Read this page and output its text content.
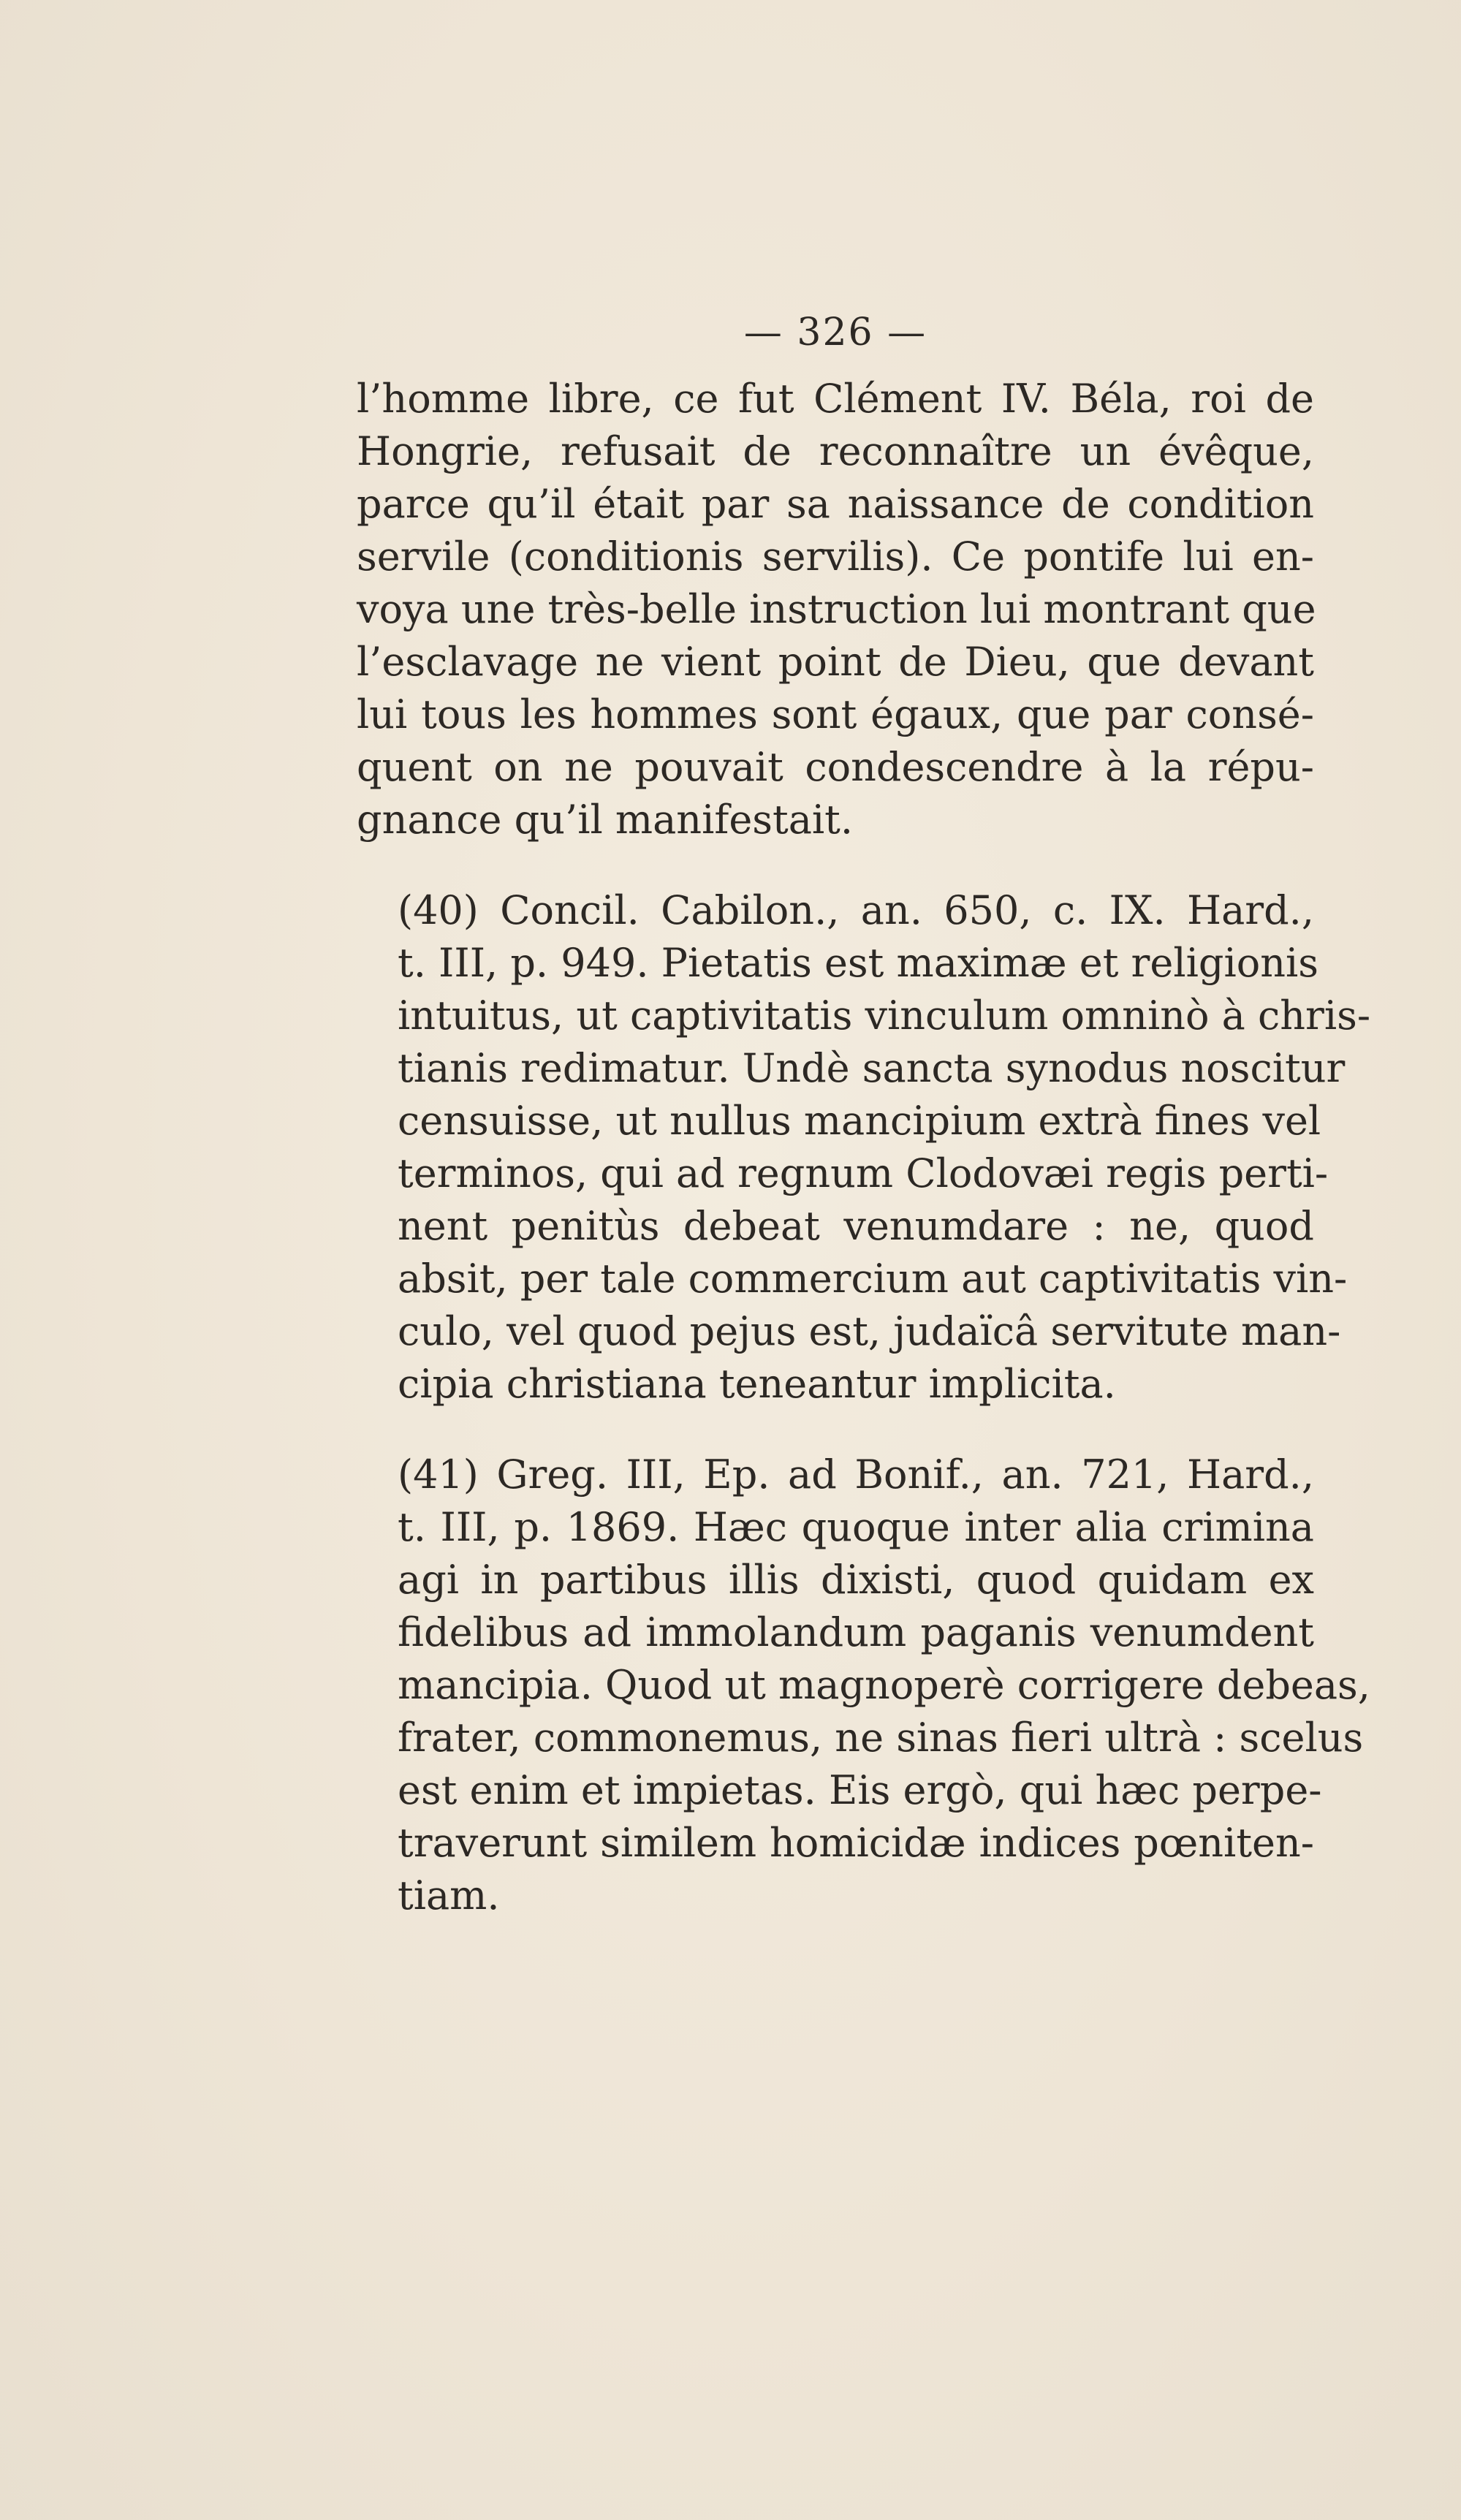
— 326 —

l’homme libre, ce fut Clément IV. Béla, roi de
Hongrie, refusait de reconnaître un évêque,
parce qu’il était par sa naissance de condition
servile (conditionis servilis). Ce pontife lui en-
voya une très-belle instruction lui montrant que
l’esclavage ne vient point de Dieu, que devant
lui tous les hommes sont égaux, que par consé-
quent on ne pouvait condescendre à la répu-
gnance qu’il manifestait.

(40) Concil. Cabilon., an. 650, c. IX. Hard.,
t. III, p. 949. Pietatis est maximæ et religionis
intuitus, ut captivitatis vinculum omninò à chris-
tianis redimatur. Undè sancta synodus noscitur
censuisse, ut nullus mancipium extrà fines vel
terminos, qui ad regnum Clodovæi regis perti-
nent penitùs debeat venumdare : ne, quod
absit, per tale commercium aut captivitatis vin-
culo, vel quod pejus est, judaïcâ servitute man-
cipia christiana teneantur implicita.

(41) Greg. III, Ep. ad Bonif., an. 721, Hard.,
t. III, p. 1869. Hæc quoque inter alia crimina
agi in partibus illis dixisti, quod quidam ex
fidelibus ad immolandum paganis venumdent
mancipia. Quod ut magnoperè corrigere debeas,
frater, commonemus, ne sinas fieri ultrà : scelus
est enim et impietas. Eis ergò, qui hæc perpe-
traverunt similem homicidæ indices pœniten-
tiam.
